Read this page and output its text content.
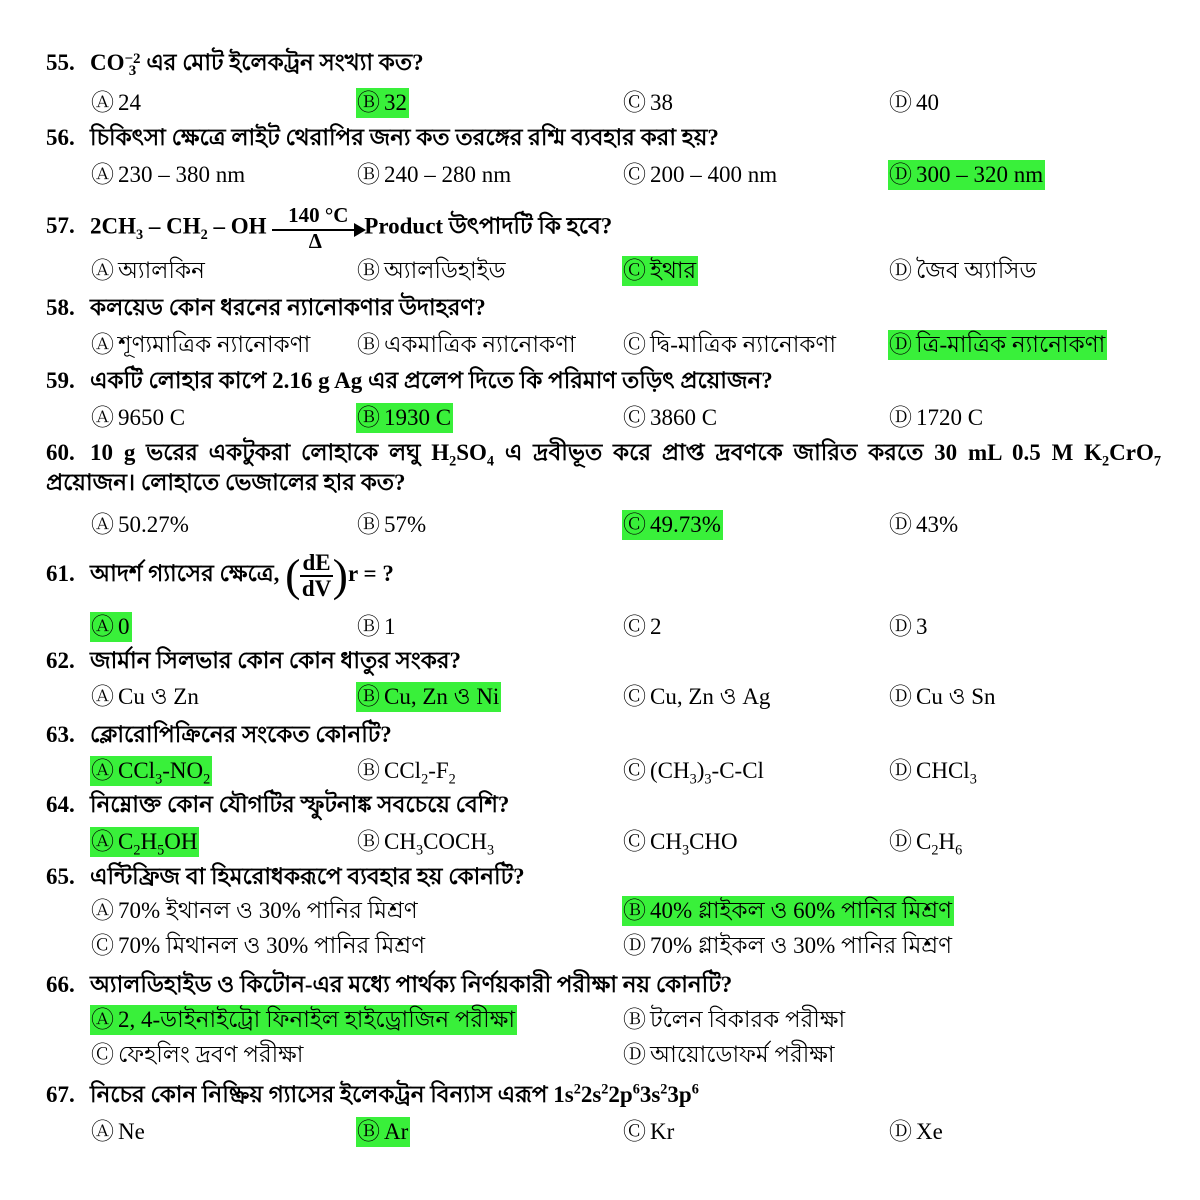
55. CO −2
3 এর মোট ইলেকট্রন সংখ্যা কত?
Ⓐ 24	Ⓑ 32	Ⓒ 38	Ⓓ 40
56. চিকিৎসা ক্ষেত্রে লাইট থেরাপির জন্য কত তরঙ্গের রশ্মি ব্যবহার করা হয়?
Ⓐ 230 – 380 nm	Ⓑ 240 – 280 nm	Ⓒ 200 – 400 nm	Ⓓ 300 – 320 nm
57. $2CH_3 - CH_2$ – OH $\frac{140 ^\circ C}{\Delta}$ Product উৎপাদটি কি হবে?
Ⓐ অ্যালকিন	Ⓑ অ্যালডিহাইড	Ⓒ ইথার	Ⓓ জৈব অ্যাসিড
58. কলয়েড কোন ধরনের ন্যানোকণার উদাহরণ?
Ⓐ শূণ্যমাত্রিক ন্যানোকণা Ⓑ একমাত্রিক ন্যানোকণা Ⓒ দ্বি-মাত্রিক ন্যানোকণা Ⓓ ত্রি-মাত্রিক ন্যানোকণা
59. একটি লোহার কাপে 2.16 g Ag এর প্রলেপ দিতে কি পরিমাণ তড়িৎ প্রয়োজন?
Ⓐ 9650 C	Ⓑ 1930 C	Ⓒ 3860 C	Ⓓ 1720 C
60. 10 g ভরের একটুকরা লোহাকে লঘু $H_2SO_4$ এ দ্রবীভূত করে প্রাপ্ত দ্রবণকে জারিত করতে 30 mL 0.5 M $K_2CrO_7$ প্রয়োজন। লোহাতে ভেজালের হার কত?
Ⓐ 50.27%	Ⓑ 57%	Ⓒ 49.73%	Ⓓ 43%
61. আদর্শ গ্যাসের ক্ষেত্রে, ( $\frac{dE}{dV} )r$ = ?
Ⓐ 0	Ⓑ 1	Ⓒ 2	Ⓓ 3
62. জার্মান সিলভার কোন কোন ধাতুর সংকর?
Ⓐ Cu ও Zn	Ⓑ Cu, Zn ও Ni	Ⓒ Cu, Zn ও Ag	Ⓓ Cu ও Sn
63. ক্লোরোপিক্রিনের সংকেত কোনটি?
Ⓐ $CCl_3-NO_2$	Ⓑ $CCl_2-F_2$	Ⓒ $(CH_3)_3-C-Cl$	Ⓓ CHCl$_3$
64. নিম্নোক্ত কোন যৌগটির স্ফুটনাঙ্ক সবচেয়ে বেশি?
Ⓐ $C_2H_5OH$	Ⓑ $CH_3COCH_3$	Ⓒ $CH_3CHO$	Ⓓ $C_2H_6$
65. এন্টিফ্রিজ বা হিমরোধকরূপে ব্যবহার হয় কোনটি?
Ⓐ 70% ইথানল ও 30% পানির মিশ্রণ	Ⓑ 40% গ্লাইকল ও 60% পানির মিশ্রণ
Ⓒ 70% মিথানল ও 30% পানির মিশ্রণ	Ⓓ 70% গ্লাইকল ও 30% পানির মিশ্রণ
66. অ্যালডিহাইড ও কিটোন-এর মধ্যে পার্থক্য নির্ণয়কারী পরীক্ষা নয় কোনটি?
Ⓐ 2, 4-ডাইনাইট্রো ফিনাইল হাইড্রোজিন পরীক্ষা	Ⓑ টলেন বিকারক পরীক্ষা
Ⓒ ফেহলিং দ্রবণ পরীক্ষা	Ⓓ আয়োডোফর্ম পরীক্ষা
67. নিচের কোন নিষ্ক্রিয় গ্যাসের ইলেকট্রন বিন্যাস এরূপ $1s^22s^22p^63s^23p^6$
Ⓐ Ne	Ⓑ Ar	Ⓒ Kr	Ⓓ Xe
